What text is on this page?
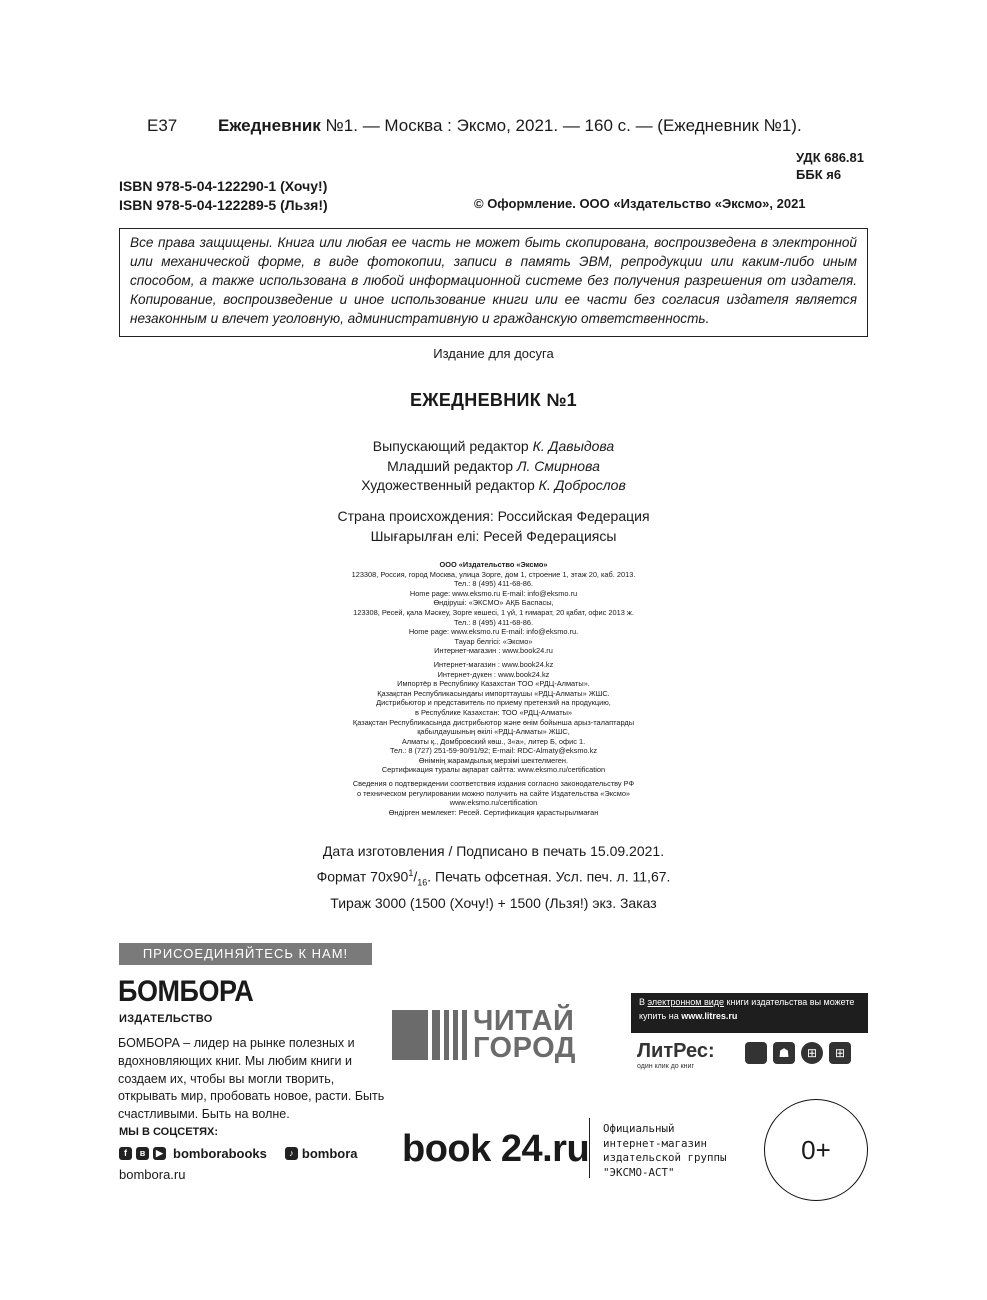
Е37 Ежедневник №1. — Москва : Эксмо, 2021. — 160 с. — (Ежедневник №1).
УДК 686.81
ББК я6
ISBN 978-5-04-122290-1 (Хочу!)
ISBN 978-5-04-122289-5 (Льзя!)	© Оформление. ООО «Издательство «Эксмо», 2021
Все права защищены. Книга или любая ее часть не может быть скопирована, воспроизведена в электронной или механической форме, в виде фотокопии, записи в память ЭВМ, репродукции или каким-либо иным способом, а также использована в любой информационной системе без получения разрешения от издателя. Копирование, воспроизведение и иное использование книги или ее части без согласия издателя является незаконным и влечет уголовную, административную и гражданскую ответственность.
Издание для досуга
ЕЖЕДНЕВНИК №1
Выпускающий редактор К. Давыдова
Младший редактор Л. Смирнова
Художественный редактор К. Доброслов
Страна происхождения: Российская Федерация
Шығарылған елі: Ресей Федерациясы
ООО «Издательство «Эксмо»
123308, Россия, город Москва, улица Зорге, дом 1, строение 1, этаж 20, каб. 2013.
Тел.: 8 (495) 411-68-86.
Home page: www.eksmo.ru E-mail: info@eksmo.ru
Өндіруші: «ЭКСМО» АҚБ Баспасы,
123308, Ресей, қала Мәскеу, Зорге көшесі, 1 үй, 1 ғимарат, 20 қабат, офис 2013 ж.
Тел.: 8 (495) 411-68-86.
Home page: www.eksmo.ru E-mail: info@eksmo.ru.
Тауар белгісі: «Эксмо»
Интернет-магазин : www.book24.ru
Интернет-магазин : www.book24.kz
Интернет-дүкен : www.book24.kz
Импортёр в Республику Казахстан ТОО «РДЦ-Алматы».
Қазақстан Республикасындағы импорттаушы «РДЦ-Алматы» ЖШС.
Дистрибьютор и представитель по приему претензий на продукцию,
в Республике Казахстан: ТОО «РДЦ-Алматы»
Қазақстан Республикасында дистрибьютор және өнім бойынша арыз-талаптарды
қабылдаушының өкілі «РДЦ-Алматы» ЖШС,
Алматы қ., Домбровский көш., 3«а», литер Б, офис 1.
Тел.: 8 (727) 251-59-90/91/92; E-mail: RDC-Almaty@eksmo.kz
Өнімнің жарамдылық мерзімі шектелмеген.
Сертификация туралы ақпарат сайтта: www.eksmo.ru/certification
Сведения о подтверждении соответствия издания согласно законодательству РФ
о техническом регулировании можно получить на сайте Издательства «Эксмо»
www.eksmo.ru/certification
Өндірген мемлекет: Ресей. Сертификация қарастырылмаған
Дата изготовления / Подписано в печать 15.09.2021.
Формат $70x90^1/_{16}$. Печать офсетная. Усл. печ. л. 11,67.
Тираж 3000 (1500 (Хочу!) + 1500 (Льзя!) экз. Заказ
ПРИСОЕДИНЯЙТЕСЬ К НАМ!
БОМБОРА
ИЗДАТЕЛЬСТВО
БОМБОРА – лидер на рынке полезных и вдохновляющих книг. Мы любим книги и создаем их, чтобы вы могли творить, открывать мир, пробовать новое, расти. Быть счастливыми. Быть на волне.
МЫ В СОЦСЕТЯХ:
f	в	▶ bomborabooks	♪ bombora
bombora.ru
ЧИТАЙ
ГОРОД
В электронном виде книги издательства вы можете
купить на www.litres.ru
ЛитРес:
один клик до книг
☗	⊞	⊞
book 24.ru Официальный
интернет-магазин
издательской группы
"ЭКСМО-АСТ"
0+
